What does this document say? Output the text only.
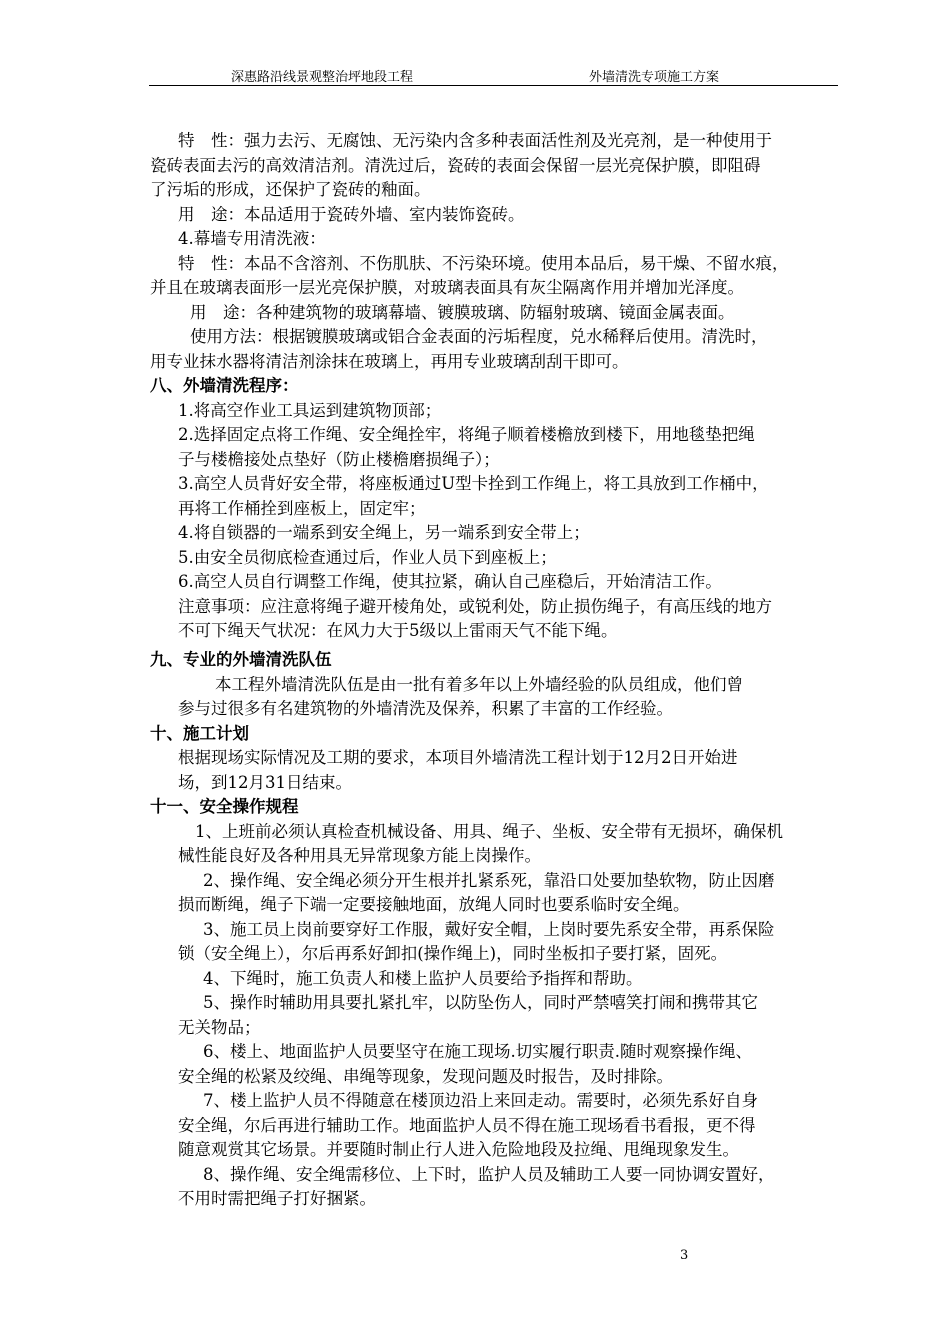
深惠路沿线景观整治坪地段工程	外墙清洗专项施工方案
特　性：强力去污、无腐蚀、无污染内含多种表面活性剂及光亮剂，是一种使用于
瓷砖表面去污的高效清洁剂。清洗过后，瓷砖的表面会保留一层光亮保护膜，即阻碍
了污垢的形成，还保护了瓷砖的釉面。
用　途：本品适用于瓷砖外墙、室内装饰瓷砖。
4.幕墙专用清洗液：
特　性：本品不含溶剂、不伤肌肤、不污染环境。使用本品后，易干燥、不留水痕，
并且在玻璃表面形一层光亮保护膜，对玻璃表面具有灰尘隔离作用并增加光泽度。
用　途：各种建筑物的玻璃幕墙、镀膜玻璃、防辐射玻璃、镜面金属表面。
使用方法：根据镀膜玻璃或铝合金表面的污垢程度，兑水稀释后使用。清洗时，
用专业抹水器将清洁剂涂抹在玻璃上，再用专业玻璃刮刮干即可。
八、外墙清洗程序：
1.将高空作业工具运到建筑物顶部；
2.选择固定点将工作绳、安全绳拴牢，将绳子顺着楼檐放到楼下，用地毯垫把绳
子与楼檐接处点垫好（防止楼檐磨损绳子）；
3.高空人员背好安全带，将座板通过U型卡拴到工作绳上，将工具放到工作桶中，
再将工作桶拴到座板上，固定牢；
4.将自锁器的一端系到安全绳上，另一端系到安全带上；
5.由安全员彻底检查通过后，作业人员下到座板上；
6.高空人员自行调整工作绳，使其拉紧，确认自己座稳后，开始清洁工作。
注意事项：应注意将绳子避开棱角处，或锐利处，防止损伤绳子，有高压线的地方
不可下绳天气状况：在风力大于5级以上雷雨天气不能下绳。
九、专业的外墙清洗队伍
本工程外墙清洗队伍是由一批有着多年以上外墙经验的队员组成，他们曾
参与过很多有名建筑物的外墙清洗及保养，积累了丰富的工作经验。
十、施工计划
根据现场实际情况及工期的要求，本项目外墙清洗工程计划于12月2日开始进
场，到12月31日结束。
十一、安全操作规程
1、上班前必须认真检查机械设备、用具、绳子、坐板、安全带有无损坏，确保机
械性能良好及各种用具无异常现象方能上岗操作。
2、操作绳、安全绳必须分开生根并扎紧系死，靠沿口处要加垫软物，防止因磨
损而断绳，绳子下端一定要接触地面，放绳人同时也要系临时安全绳。
3、施工员上岗前要穿好工作服，戴好安全帽，上岗时要先系安全带，再系保险
锁（安全绳上），尔后再系好卸扣(操作绳上)，同时坐板扣子要打紧，固死。
4、下绳时，施工负责人和楼上监护人员要给予指挥和帮助。
5、操作时辅助用具要扎紧扎牢，以防坠伤人，同时严禁嘻笑打闹和携带其它
无关物品；
6、楼上、地面监护人员要坚守在施工现场.切实履行职责.随时观察操作绳、
安全绳的松紧及绞绳、串绳等现象，发现问题及时报告，及时排除。
7、楼上监护人员不得随意在楼顶边沿上来回走动。需要时，必须先系好自身
安全绳，尔后再进行辅助工作。地面监护人员不得在施工现场看书看报，更不得
随意观赏其它场景。并要随时制止行人进入危险地段及拉绳、甩绳现象发生。
8、操作绳、安全绳需移位、上下时，监护人员及辅助工人要一同协调安置好，
不用时需把绳子打好捆紧。
3
